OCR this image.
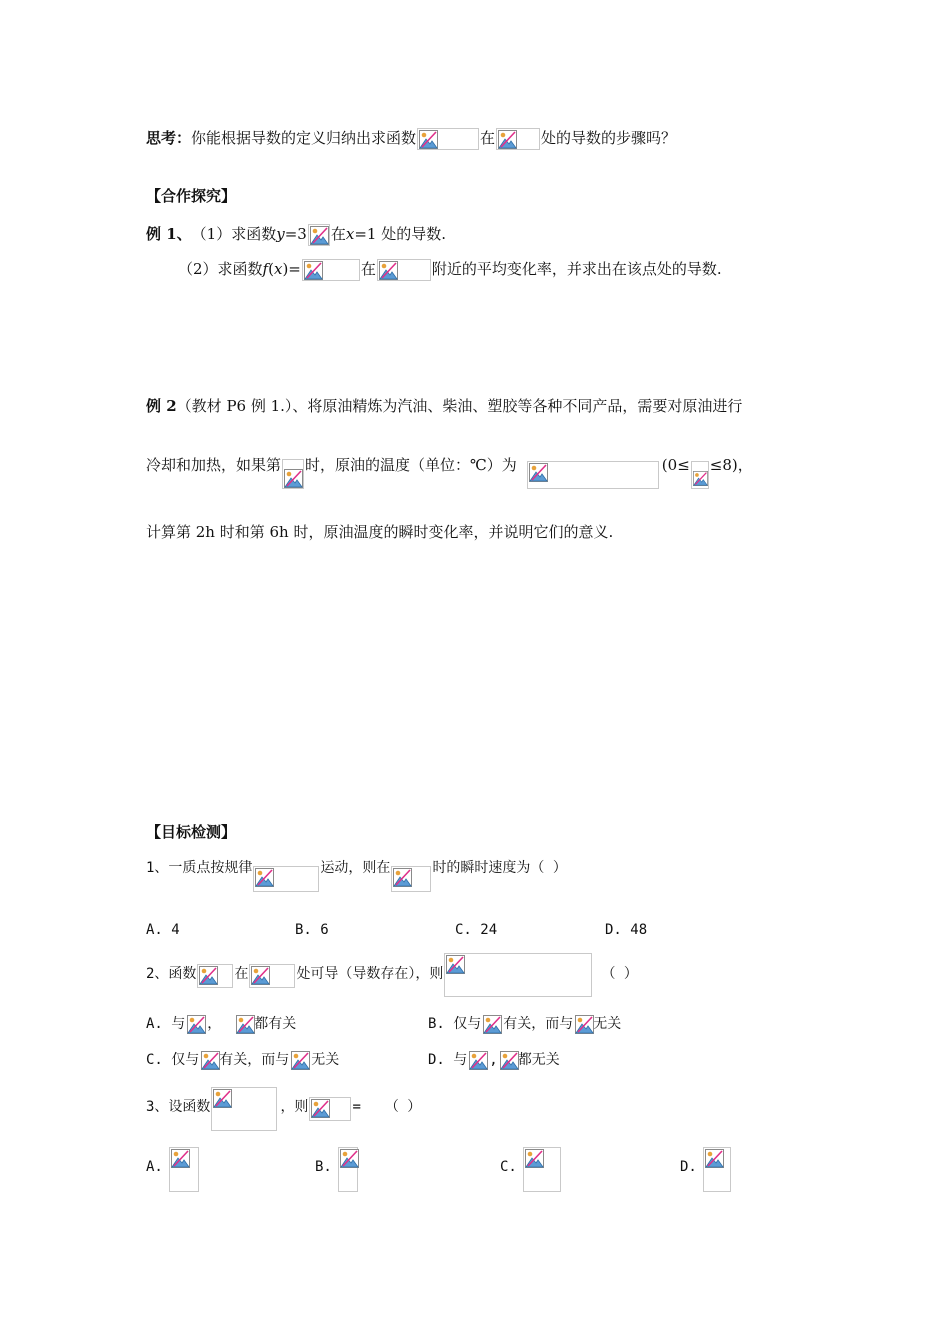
思考： 你能根据导数的定义归纳出求函数	在	处的导数的步骤吗？
【合作探究】
例 1、 （1）求函数 y =3 在 x =1 处的导数.
（2）求函数 f ( x )=	在	附近的平均变化率，并求出在该点处的导数.
例 2 （教材 P6 例 1.）、将原油精炼为汽油、柴油、塑胶等各种不同产品，需要对原油进行
冷却和加热，如果第 时，原油的温度（单位：℃）为	(0≤ ≤8)，
计算第 2h 时和第 6h 时，原油温度的瞬时变化率，并说明它们的意义.
【目标检测】
1、一质点按规律	运动，则在	时的瞬时速度为（ ）
A. 4	B. 6	C. 24	D. 48
2、函数	在	处可导（导数存在），则	（ ）
A. 与 ， 都有关	B. 仅与 有关，而与 无关
C. 仅与 有关，而与 无关	D. 与 , 都无关
3、设函数	，则	= （ ）
A.	B.	C.	D.
